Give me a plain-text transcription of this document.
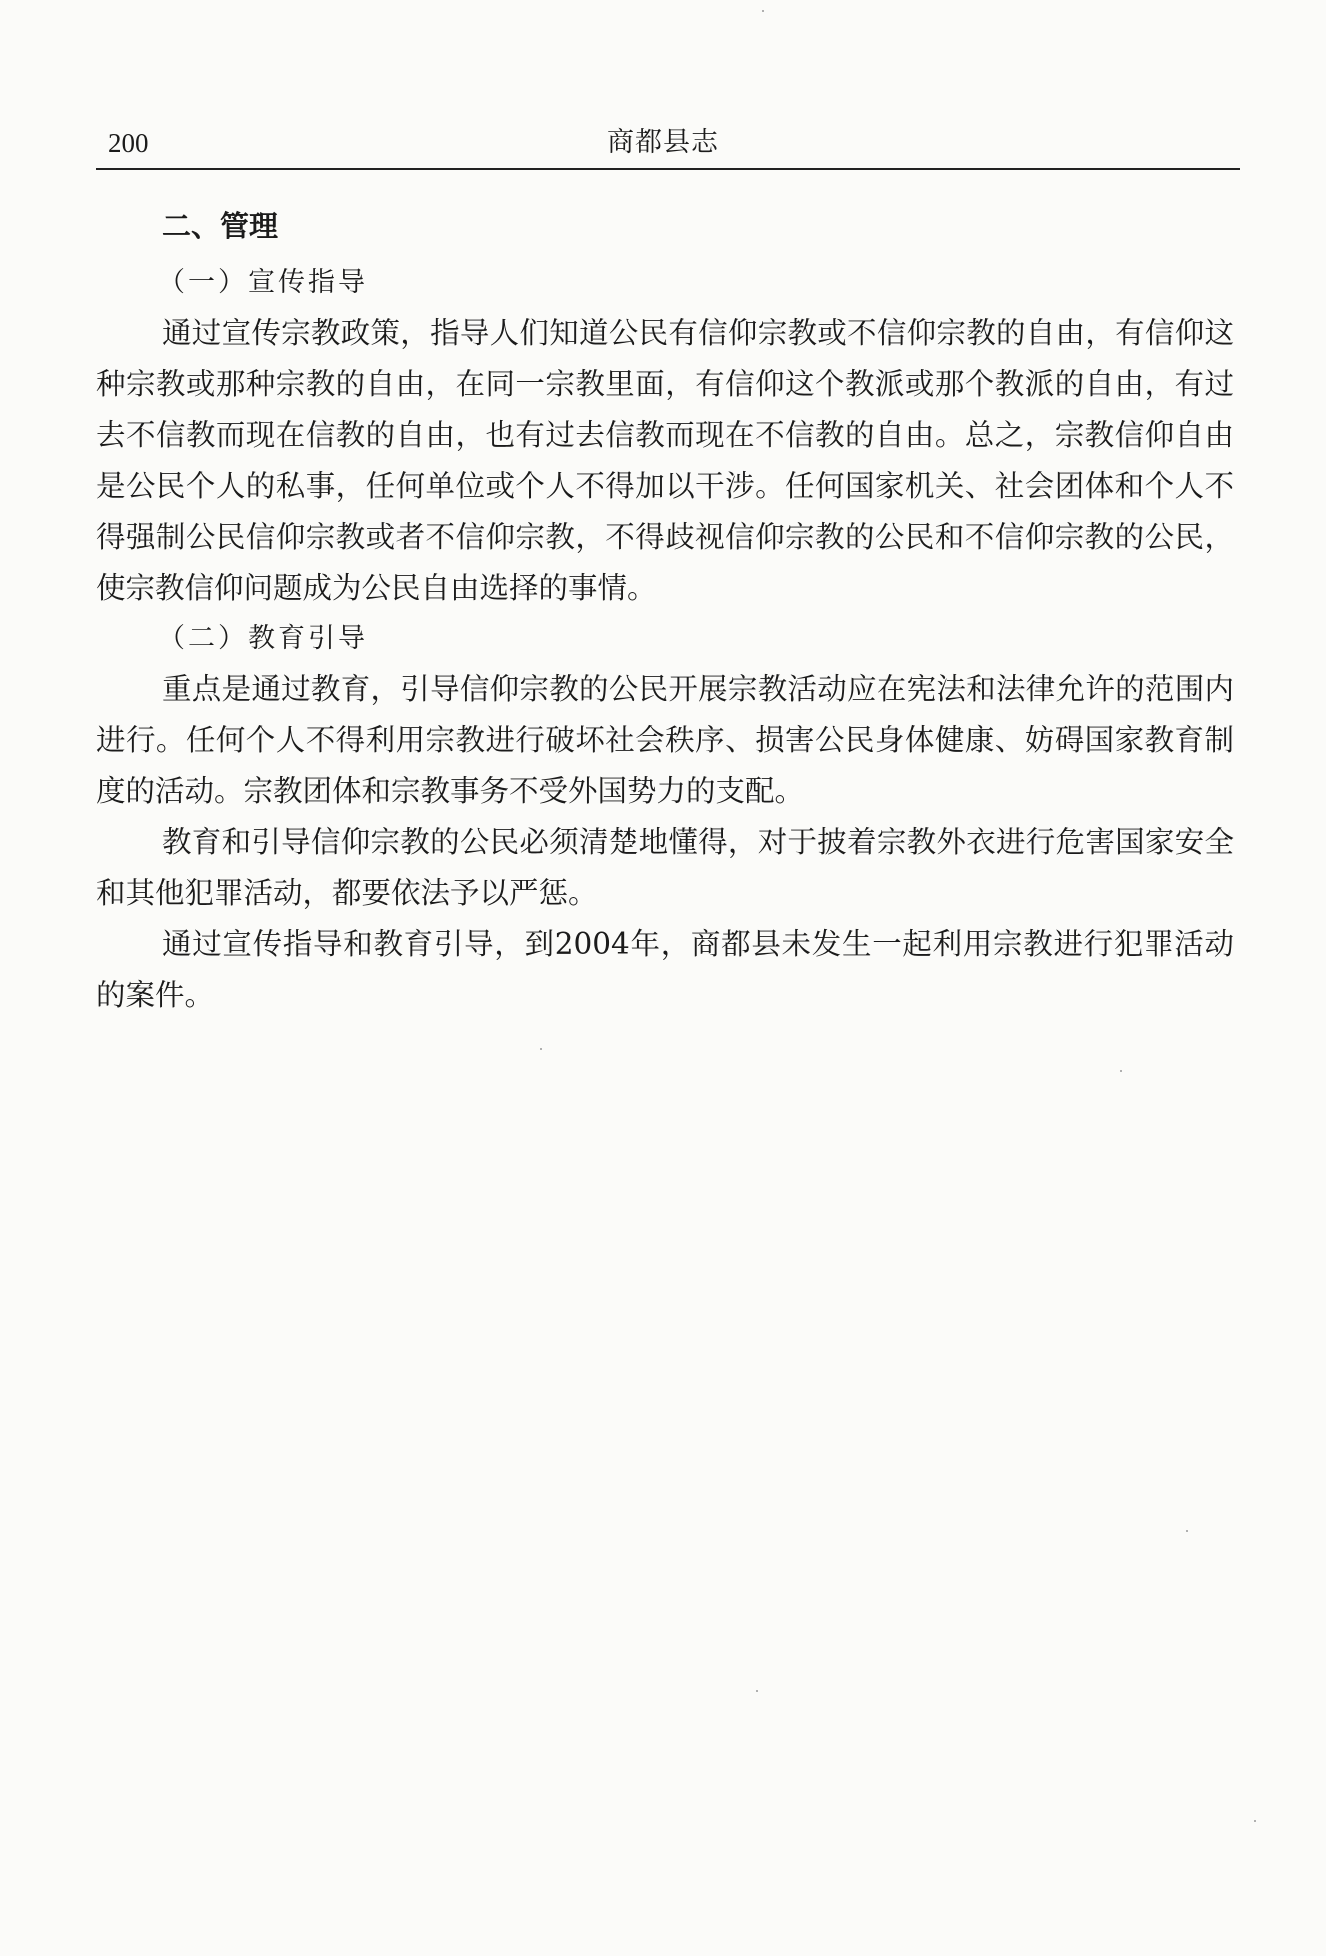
200	商都县志
二、管理
（一）宣传指导

通过宣传宗教政策，指导人们知道公民有信仰宗教或不信仰宗教的自由，有信仰这种宗教或那种宗教的自由，在同一宗教里面，有信仰这个教派或那个教派的自由，有过去不信教而现在信教的自由，也有过去信教而现在不信教的自由。总之，宗教信仰自由是公民个人的私事，任何单位或个人不得加以干涉。任何国家机关、社会团体和个人不得强制公民信仰宗教或者不信仰宗教，不得歧视信仰宗教的公民和不信仰宗教的公民，使宗教信仰问题成为公民自由选择的事情。

（二）教育引导

重点是通过教育，引导信仰宗教的公民开展宗教活动应在宪法和法律允许的范围内进行。任何个人不得利用宗教进行破坏社会秩序、损害公民身体健康、妨碍国家教育制度的活动。宗教团体和宗教事务不受外国势力的支配。

教育和引导信仰宗教的公民必须清楚地懂得，对于披着宗教外衣进行危害国家安全和其他犯罪活动，都要依法予以严惩。

通过宣传指导和教育引导，到2004年，商都县未发生一起利用宗教进行犯罪活动的案件。
